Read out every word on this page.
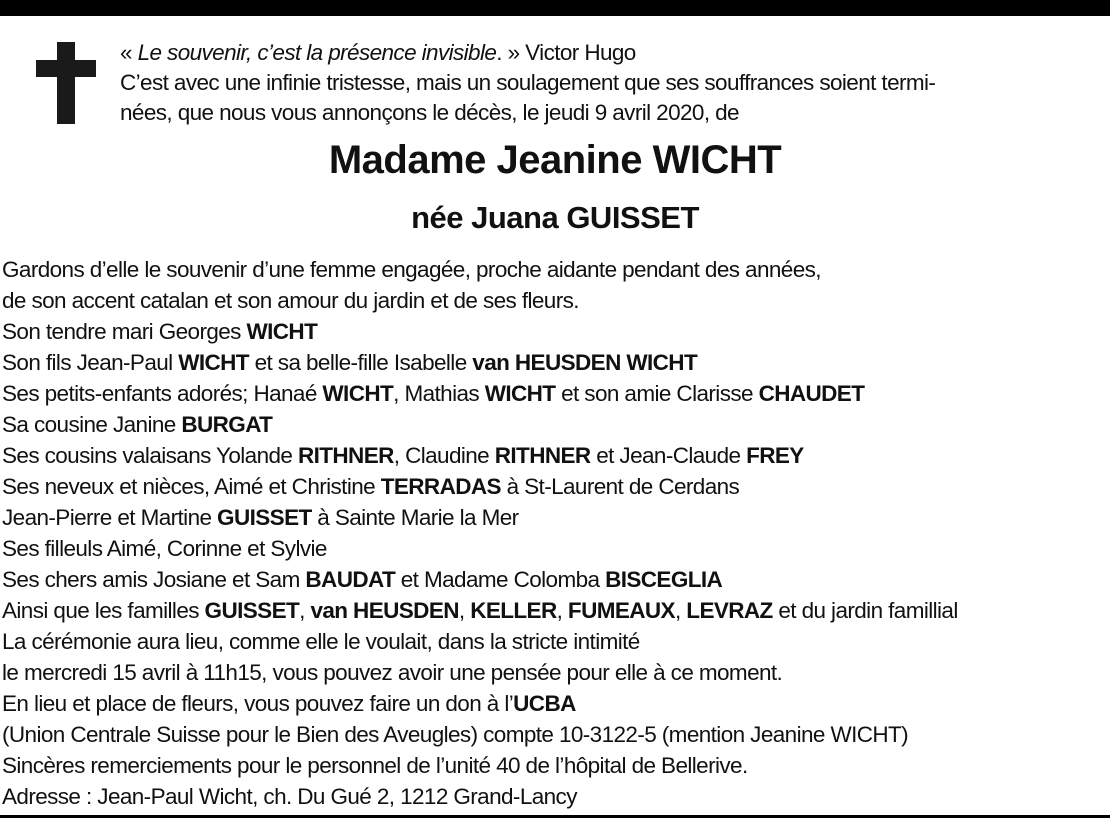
« Le souvenir, c’est la présence invisible. » Victor Hugo
C’est avec une infinie tristesse, mais un soulagement que ses souffrances soient termi-
nées, que nous vous annonçons le décès, le jeudi 9 avril 2020, de
Madame Jeanine WICHT
née Juana GUISSET
Gardons d’elle le souvenir d’une femme engagée, proche aidante pendant des années,
de son accent catalan et son amour du jardin et de ses fleurs.
Son tendre mari Georges WICHT
Son fils Jean-Paul WICHT et sa belle-fille Isabelle van HEUSDEN WICHT
Ses petits-enfants adorés; Hanaé WICHT, Mathias WICHT et son amie Clarisse CHAUDET
Sa cousine Janine BURGAT
Ses cousins valaisans Yolande RITHNER, Claudine RITHNER et Jean-Claude FREY
Ses neveux et nièces, Aimé et Christine TERRADAS à St-Laurent de Cerdans
Jean-Pierre et Martine GUISSET à Sainte Marie la Mer
Ses filleuls Aimé, Corinne et Sylvie
Ses chers amis Josiane et Sam BAUDAT et Madame Colomba BISCEGLIA
Ainsi que les familles GUISSET, van HEUSDEN, KELLER, FUMEAUX, LEVRAZ et du jardin famillial
La cérémonie aura lieu, comme elle le voulait, dans la stricte intimité
le mercredi 15 avril à 11h15, vous pouvez avoir une pensée pour elle à ce moment.
En lieu et place de fleurs, vous pouvez faire un don à l’UCBA
(Union Centrale Suisse pour le Bien des Aveugles) compte 10-3122-5 (mention Jeanine WICHT)
Sincères remerciements pour le personnel de l’unité 40 de l’hôpital de Bellerive.
Adresse : Jean-Paul Wicht, ch. Du Gué 2, 1212 Grand-Lancy
